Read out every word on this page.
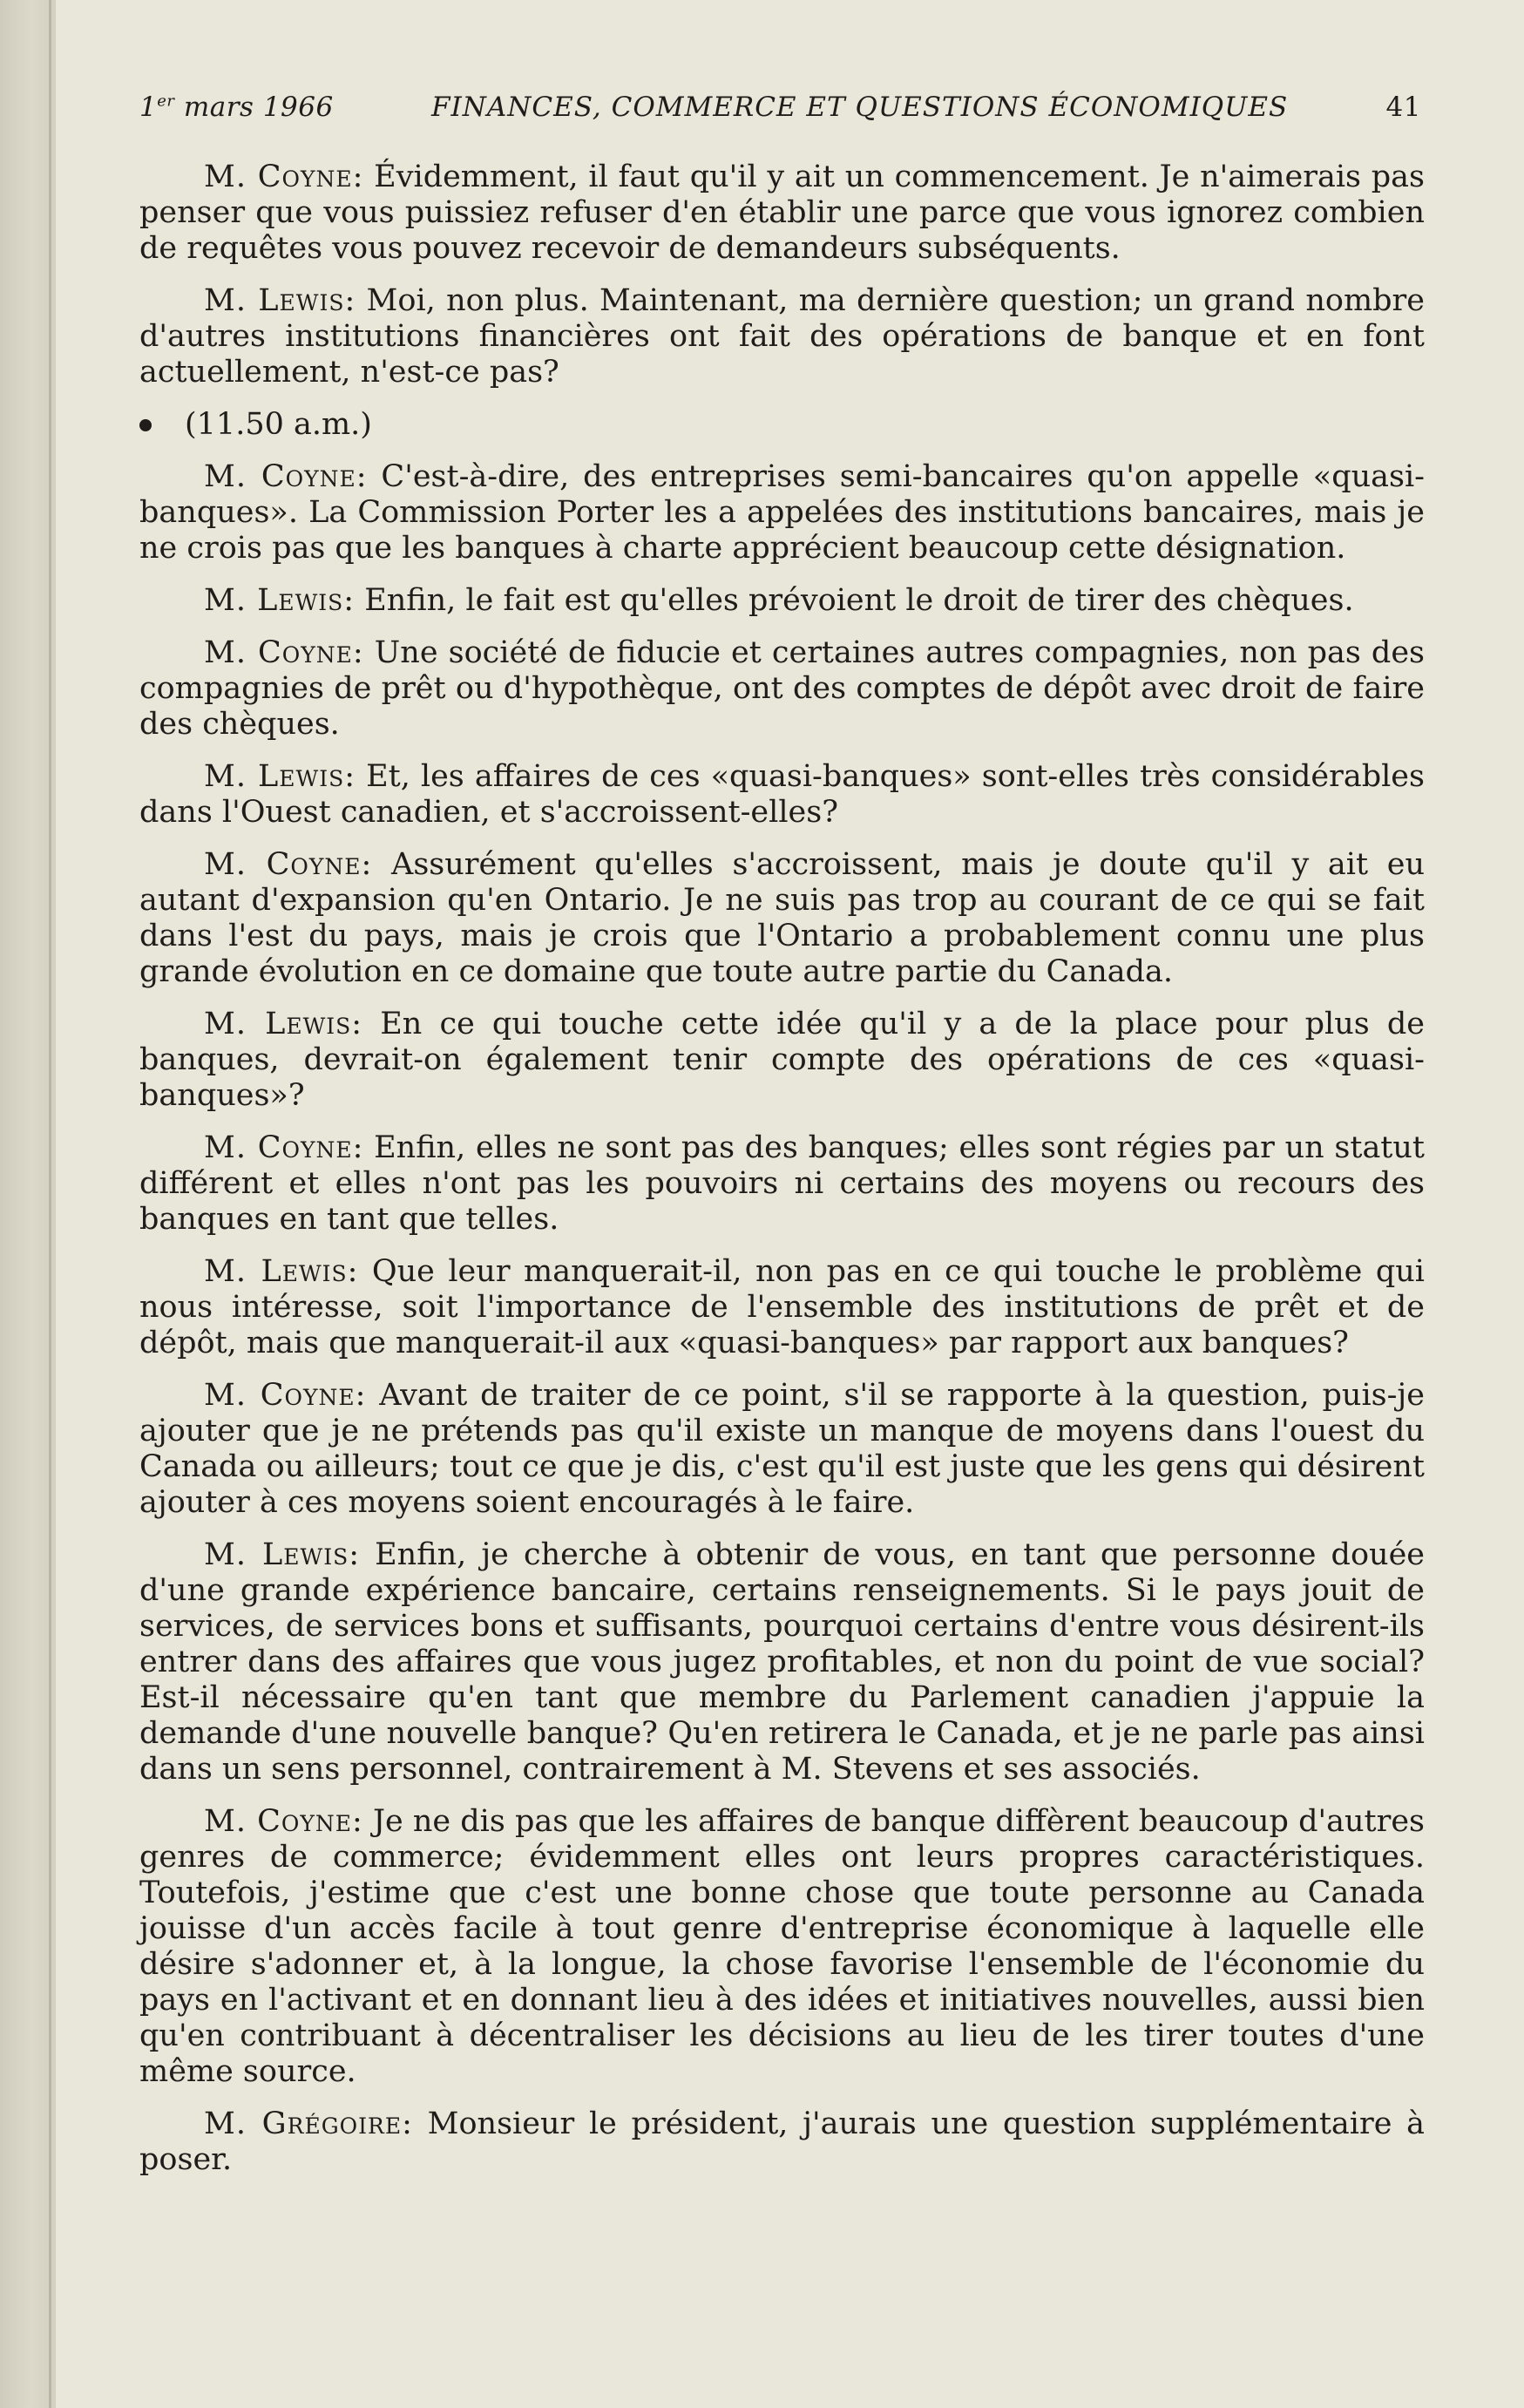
1er mars 1966	FINANCES, COMMERCE ET QUESTIONS ÉCONOMIQUES	41

M. Coyne: Évidemment, il faut qu'il y ait un commencement. Je n'aimerais pas penser que vous puissiez refuser d'en établir une parce que vous ignorez combien de requêtes vous pouvez recevoir de demandeurs subséquents.

M. Lewis: Moi, non plus. Maintenant, ma dernière question; un grand nombre d'autres institutions financières ont fait des opérations de banque et en font actuellement, n'est-ce pas?

(11.50 a.m.)

M. Coyne: C'est-à-dire, des entreprises semi-bancaires qu'on appelle «quasi-banques». La Commission Porter les a appelées des institutions bancaires, mais je ne crois pas que les banques à charte apprécient beaucoup cette désignation.

M. Lewis: Enfin, le fait est qu'elles prévoient le droit de tirer des chèques.

M. Coyne: Une société de fiducie et certaines autres compagnies, non pas des compagnies de prêt ou d'hypothèque, ont des comptes de dépôt avec droit de faire des chèques.

M. Lewis: Et, les affaires de ces «quasi-banques» sont-elles très considérables dans l'Ouest canadien, et s'accroissent-elles?

M. Coyne: Assurément qu'elles s'accroissent, mais je doute qu'il y ait eu autant d'expansion qu'en Ontario. Je ne suis pas trop au courant de ce qui se fait dans l'est du pays, mais je crois que l'Ontario a probablement connu une plus grande évolution en ce domaine que toute autre partie du Canada.

M. Lewis: En ce qui touche cette idée qu'il y a de la place pour plus de banques, devrait-on également tenir compte des opérations de ces «quasi-banques»?

M. Coyne: Enfin, elles ne sont pas des banques; elles sont régies par un statut différent et elles n'ont pas les pouvoirs ni certains des moyens ou recours des banques en tant que telles.

M. Lewis: Que leur manquerait-il, non pas en ce qui touche le problème qui nous intéresse, soit l'importance de l'ensemble des institutions de prêt et de dépôt, mais que manquerait-il aux «quasi-banques» par rapport aux banques?

M. Coyne: Avant de traiter de ce point, s'il se rapporte à la question, puis-je ajouter que je ne prétends pas qu'il existe un manque de moyens dans l'ouest du Canada ou ailleurs; tout ce que je dis, c'est qu'il est juste que les gens qui désirent ajouter à ces moyens soient encouragés à le faire.

M. Lewis: Enfin, je cherche à obtenir de vous, en tant que personne douée d'une grande expérience bancaire, certains renseignements. Si le pays jouit de services, de services bons et suffisants, pourquoi certains d'entre vous désirent-ils entrer dans des affaires que vous jugez profitables, et non du point de vue social? Est-il nécessaire qu'en tant que membre du Parlement canadien j'appuie la demande d'une nouvelle banque? Qu'en retirera le Canada, et je ne parle pas ainsi dans un sens personnel, contrairement à M. Stevens et ses associés.

M. Coyne: Je ne dis pas que les affaires de banque diffèrent beaucoup d'autres genres de commerce; évidemment elles ont leurs propres caractéristiques. Toutefois, j'estime que c'est une bonne chose que toute personne au Canada jouisse d'un accès facile à tout genre d'entreprise économique à laquelle elle désire s'adonner et, à la longue, la chose favorise l'ensemble de l'économie du pays en l'activant et en donnant lieu à des idées et initiatives nouvelles, aussi bien qu'en contribuant à décentraliser les décisions au lieu de les tirer toutes d'une même source.

M. Grégoire: Monsieur le président, j'aurais une question supplémentaire à poser.
